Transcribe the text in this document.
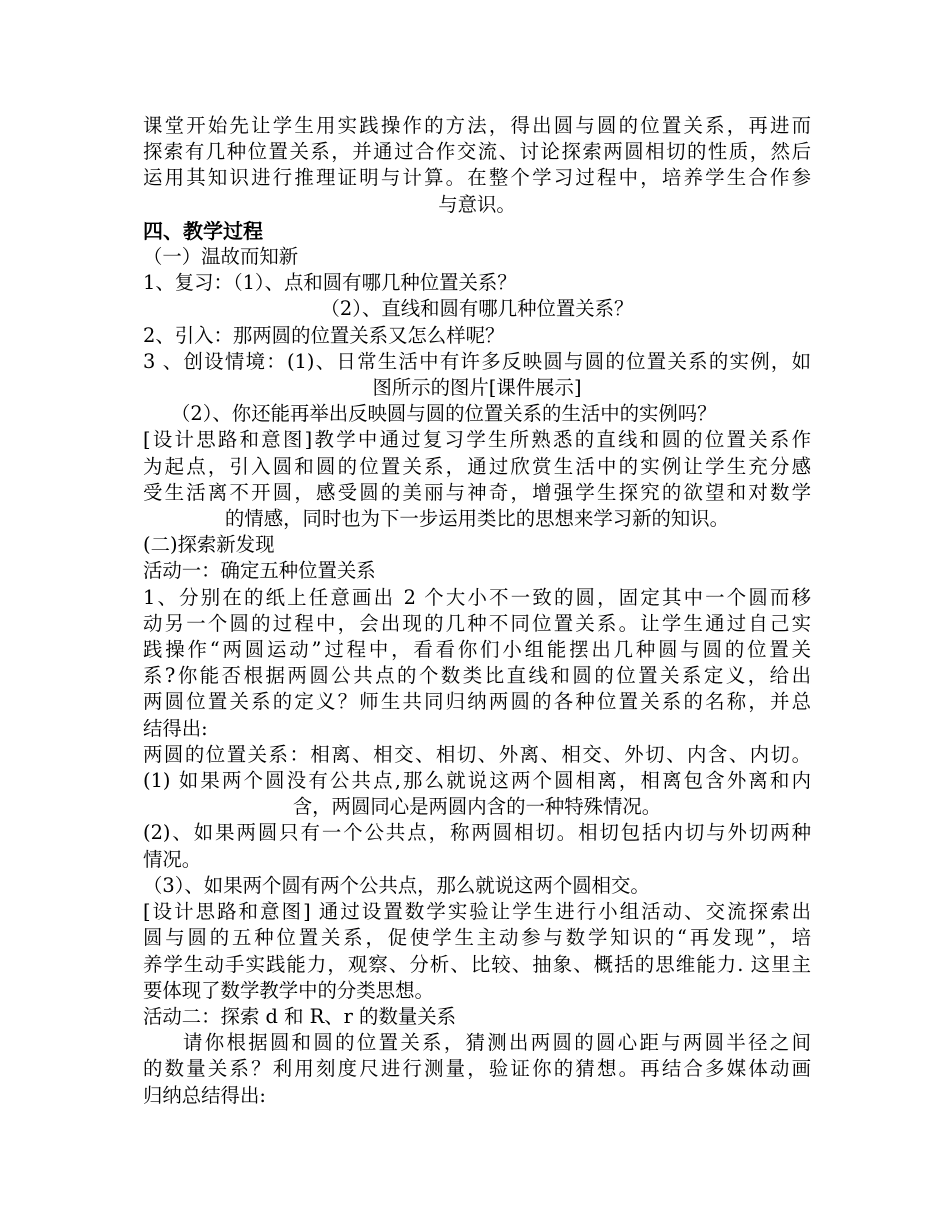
课堂开始先让学生用实践操作的方法，得出圆与圆的位置关系，再进而
探索有几种位置关系，并通过合作交流、讨论探索两圆相切的性质，然后
运用其知识进行推理证明与计算。在整个学习过程中，培养学生合作参
与意识。
四、教学过程
（一）温故而知新
1、复习：（1）、点和圆有哪几种位置关系？
（2）、直线和圆有哪几种位置关系？
2、引入：那两圆的位置关系又怎么样呢？
3 、创设情境：(1)、日常生活中有许多反映圆与圆的位置关系的实例，如
图所示的图片[课件展示]
（2）、你还能再举出反映圆与圆的位置关系的生活中的实例吗？
[设计思路和意图]教学中通过复习学生所熟悉的直线和圆的位置关系作
为起点，引入圆和圆的位置关系，通过欣赏生活中的实例让学生充分感
受生活离不开圆，感受圆的美丽与神奇，增强学生探究的欲望和对数学
的情感，同时也为下一步运用类比的思想来学习新的知识。
(二)探索新发现
活动一：确定五种位置关系
1、分别在的纸上任意画出 2 个大小不一致的圆，固定其中一个圆而移
动另一个圆的过程中，会出现的几种不同位置关系。让学生通过自己实
践操作“两圆运动”过程中，看看你们小组能摆出几种圆与圆的位置关
系?你能否根据两圆公共点的个数类比直线和圆的位置关系定义，给出
两圆位置关系的定义？师生共同归纳两圆的各种位置关系的名称，并总
结得出:
两圆的位置关系：相离、相交、相切、外离、相交、外切、内含、内切。
(1) 如果两个圆没有公共点,那么就说这两个圆相离，相离包含外离和内
含，两圆同心是两圆内含的一种特殊情况。
(2)、如果两圆只有一个公共点，称两圆相切。相切包括内切与外切两种
情况。
（3）、如果两个圆有两个公共点，那么就说这两个圆相交。
[设计思路和意图] 通过设置数学实验让学生进行小组活动、交流探索出
圆与圆的五种位置关系，促使学生主动参与数学知识的“再发现”，培
养学生动手实践能力，观察、分析、比较、抽象、概括的思维能力. 这里主
要体现了数学教学中的分类思想。
活动二：探索 d 和 R、r 的数量关系
请你根据圆和圆的位置关系，猜测出两圆的圆心距与两圆半径之间
的数量关系？利用刻度尺进行测量，验证你的猜想。再结合多媒体动画
归纳总结得出:
